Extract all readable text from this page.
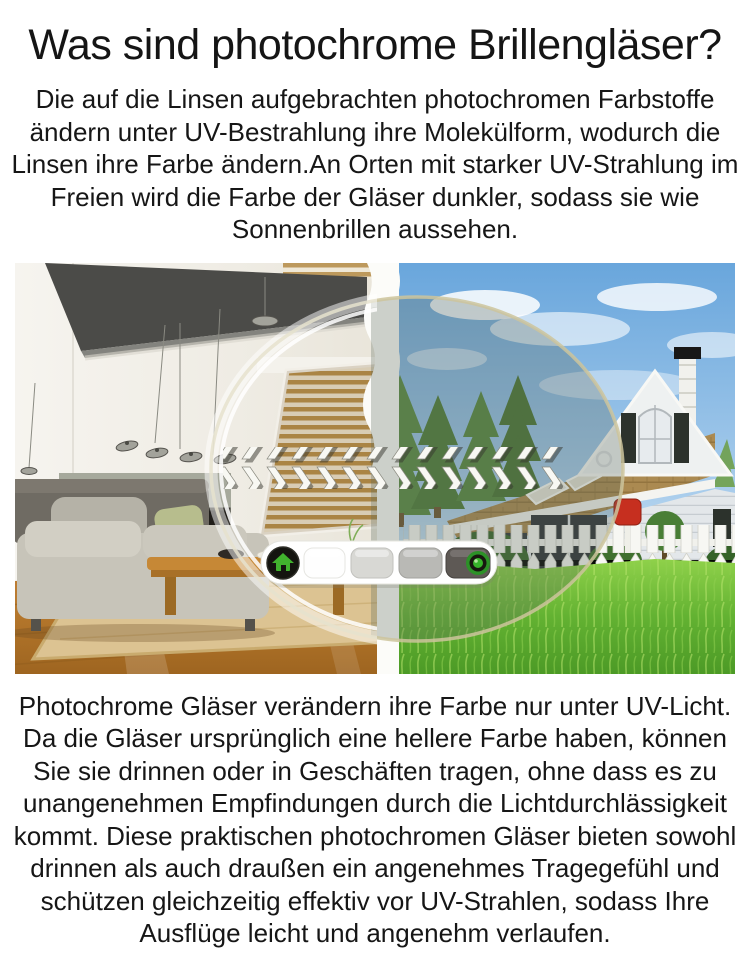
Was sind photochrome Brillengläser?

Die auf die Linsen aufgebrachten photochromen Farbstoffe ändern unter UV-Bestrahlung ihre Molekülform, wodurch die Linsen ihre Farbe ändern.An Orten mit starker UV-Strahlung im Freien wird die Farbe der Gläser dunkler, sodass sie wie Sonnenbrillen aussehen.

Photochrome Gläser verändern ihre Farbe nur unter UV-Licht. Da die Gläser ursprünglich eine hellere Farbe haben, können Sie sie drinnen oder in Geschäften tragen, ohne dass es zu unangenehmen Empfindungen durch die Lichtdurchlässigkeit kommt. Diese praktischen photochromen Gläser bieten sowohl drinnen als auch draußen ein angenehmes Tragegefühl und schützen gleichzeitig effektiv vor UV-Strahlen, sodass Ihre Ausflüge leicht und angenehm verlaufen.
